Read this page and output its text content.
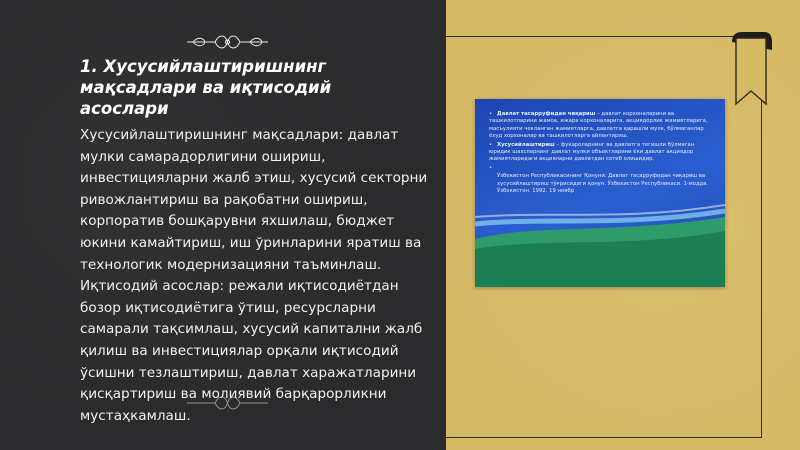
1. Хусусийлаштиришнинг мақсадлари ва иқтисодий асослари

Хусусийлаштиришнинг мақсадлари: давлат мулки самарадорлигини ошириш, инвестицияларни жалб этиш, хусусий секторни ривожлантириш ва рақобатни ошириш, корпоратив бошқарувни яхшилаш, бюджет юкини камайтириш, иш ўринларини яратиш ва технологик модернизацияни таъминлаш. Иқтисодий асослар: режали иқтисодиётдан бозор иқтисодиётига ўтиш, ресурсларни самарали тақсимлаш, хусусий капитални жалб қилиш ва инвестициялар орқали иқтисодий ўсишни тезлаштириш, давлат харажатларини қисқартириш ва молиявий барқарорликни мустаҳкамлаш.

• Давлат тасарруфидан чиқариш – давлат корхоналарини ва ташкилотларини жамоа, ижара корхоналарига, акциядорлик жамиятларига, масъулияти чекланган жамиятларга, давлатга қарашли мулк, бўлмаганлар ёхуд хорхоналар ва ташкилотларга айлантириш.

• Хусусийлаштириш – фуқароларнинг ва давлатга тегишли бўлмаган юридик шахсларнинг давлат мулки объектларини ёки давлат акциядор жамиятларидаги акцияларни давлатдан сотиб олишидир.

•

Ўзбекистон Республикасининг Қонуни. Давлат тасарруфидан чиқариш ва хусусийлаштириш тўғрисидаги қонун. Ўзбекистон Республикаси. 1-модда. Ўзбекистон. 1992. 19 ноябр
